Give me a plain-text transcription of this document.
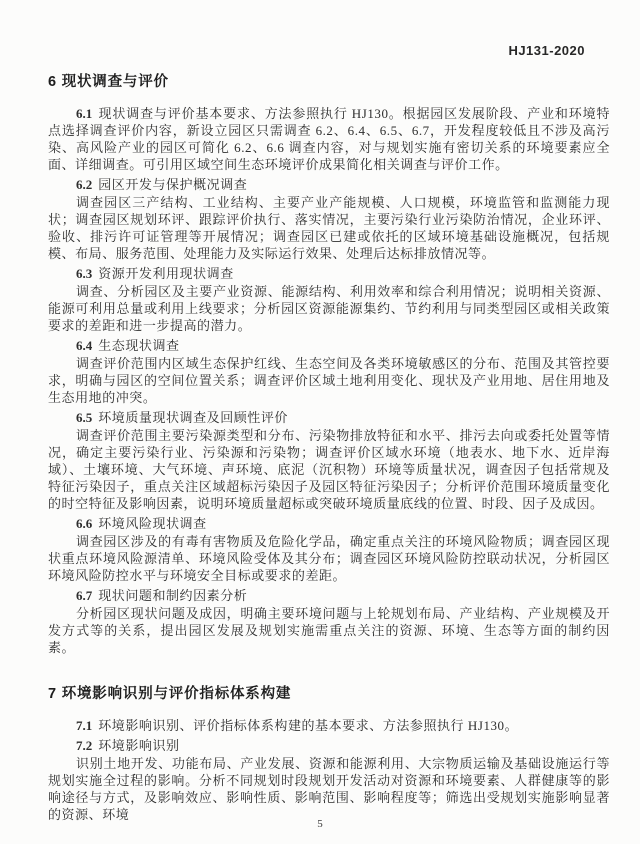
HJ131-2020
6 现状调查与评价

6.1 现状调查与评价基本要求、方法参照执行 HJ130。根据园区发展阶段、产业和环境特点选择调查评价内容，新设立园区只需调查 6.2、6.4、6.5、6.7，开发程度较低且不涉及高污染、高风险产业的园区可简化 6.2、6.6 调查内容，对与规划实施有密切关系的环境要素应全面、详细调查。可引用区域空间生态环境评价成果简化相关调查与评价工作。

6.2 园区开发与保护概况调查

调查园区三产结构、工业结构、主要产业产能规模、人口规模，环境监管和监测能力现状；调查园区规划环评、跟踪评价执行、落实情况，主要污染行业污染防治情况，企业环评、验收、排污许可证管理等开展情况；调查园区已建或依托的区域环境基础设施概况，包括规模、布局、服务范围、处理能力及实际运行效果、处理后达标排放情况等。

6.3 资源开发利用现状调查

调查、分析园区及主要产业资源、能源结构、利用效率和综合利用情况；说明相关资源、能源可利用总量或利用上线要求；分析园区资源能源集约、节约利用与同类型园区或相关政策要求的差距和进一步提高的潜力。

6.4 生态现状调查

调查评价范围内区域生态保护红线、生态空间及各类环境敏感区的分布、范围及其管控要求，明确与园区的空间位置关系；调查评价区域土地利用变化、现状及产业用地、居住用地及生态用地的冲突。

6.5 环境质量现状调查及回顾性评价

调查评价范围主要污染源类型和分布、污染物排放特征和水平、排污去向或委托处置等情况，确定主要污染行业、污染源和污染物；调查评价区域水环境（地表水、地下水、近岸海域）、土壤环境、大气环境、声环境、底泥（沉积物）环境等质量状况，调查因子包括常规及特征污染因子，重点关注区域超标污染因子及园区特征污染因子；分析评价范围环境质量变化的时空特征及影响因素，说明环境质量超标或突破环境质量底线的位置、时段、因子及成因。

6.6 环境风险现状调查

调查园区涉及的有毒有害物质及危险化学品，确定重点关注的环境风险物质；调查园区现状重点环境风险源清单、环境风险受体及其分布；调查园区环境风险防控联动状况，分析园区环境风险防控水平与环境安全目标或要求的差距。

6.7 现状问题和制约因素分析

分析园区现状问题及成因，明确主要环境问题与上轮规划布局、产业结构、产业规模及开发方式等的关系，提出园区发展及规划实施需重点关注的资源、环境、生态等方面的制约因素。

7 环境影响识别与评价指标体系构建

7.1 环境影响识别、评价指标体系构建的基本要求、方法参照执行 HJ130。

7.2 环境影响识别

识别土地开发、功能布局、产业发展、资源和能源利用、大宗物质运输及基础设施运行等规划实施全过程的影响。分析不同规划时段规划开发活动对资源和环境要素、人群健康等的影响途径与方式，及影响效应、影响性质、影响范围、影响程度等；筛选出受规划实施影响显著的资源、环境

5
